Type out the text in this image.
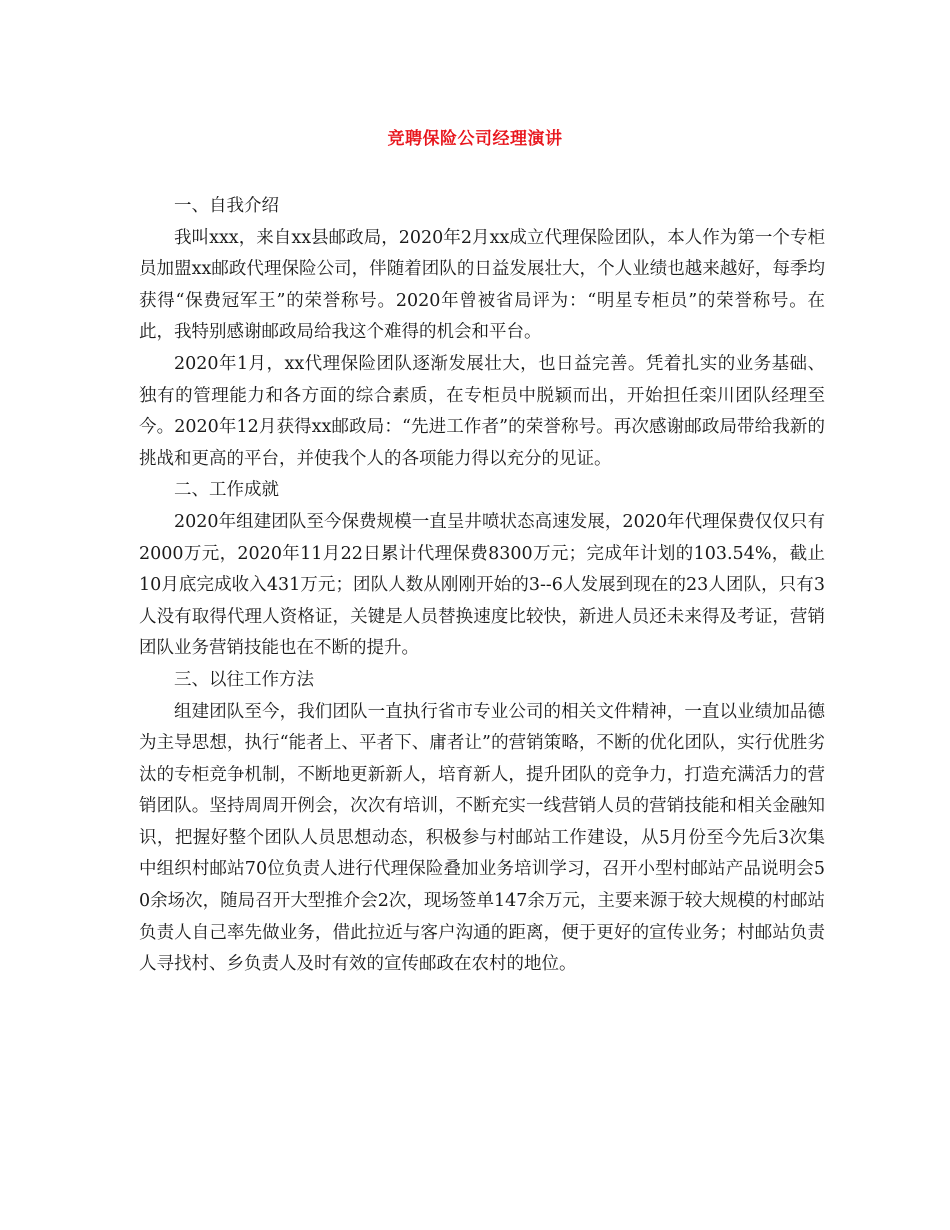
竞聘保险公司经理演讲

一、自我介绍

我叫xxx，来自xx县邮政局，2020年2月xx成立代理保险团队，本人作为第一个专柜员加盟xx邮政代理保险公司，伴随着团队的日益发展壮大，个人业绩也越来越好，每季均获得“保费冠军王”的荣誉称号。2020年曾被省局评为：“明星专柜员”的荣誉称号。在此，我特别感谢邮政局给我这个难得的机会和平台。

2020年1月，xx代理保险团队逐渐发展壮大，也日益完善。凭着扎实的业务基础、独有的管理能力和各方面的综合素质，在专柜员中脱颖而出，开始担任栾川团队经理至今。2020年12月获得xx邮政局：“先进工作者”的荣誉称号。再次感谢邮政局带给我新的挑战和更高的平台，并使我个人的各项能力得以充分的见证。

二、工作成就

2020年组建团队至今保费规模一直呈井喷状态高速发展，2020年代理保费仅仅只有2000万元，2020年11月22日累计代理保费8300万元；完成年计划的103.54%，截止10月底完成收入431万元；团队人数从刚刚开始的3--6人发展到现在的23人团队，只有3人没有取得代理人资格证，关键是人员替换速度比较快，新进人员还未来得及考证，营销团队业务营销技能也在不断的提升。

三、以往工作方法

组建团队至今，我们团队一直执行省市专业公司的相关文件精神，一直以业绩加品德为主导思想，执行“能者上、平者下、庸者让”的营销策略，不断的优化团队，实行优胜劣汰的专柜竞争机制，不断地更新新人，培育新人，提升团队的竞争力，打造充满活力的营销团队。坚持周周开例会，次次有培训，不断充实一线营销人员的营销技能和相关金融知识，把握好整个团队人员思想动态，积极参与村邮站工作建设，从5月份至今先后3次集中组织村邮站70位负责人进行代理保险叠加业务培训学习，召开小型村邮站产品说明会50余场次，随局召开大型推介会2次，现场签单147余万元，主要来源于较大规模的村邮站负责人自己率先做业务，借此拉近与客户沟通的距离，便于更好的宣传业务；村邮站负责人寻找村、乡负责人及时有效的宣传邮政在农村的地位。
